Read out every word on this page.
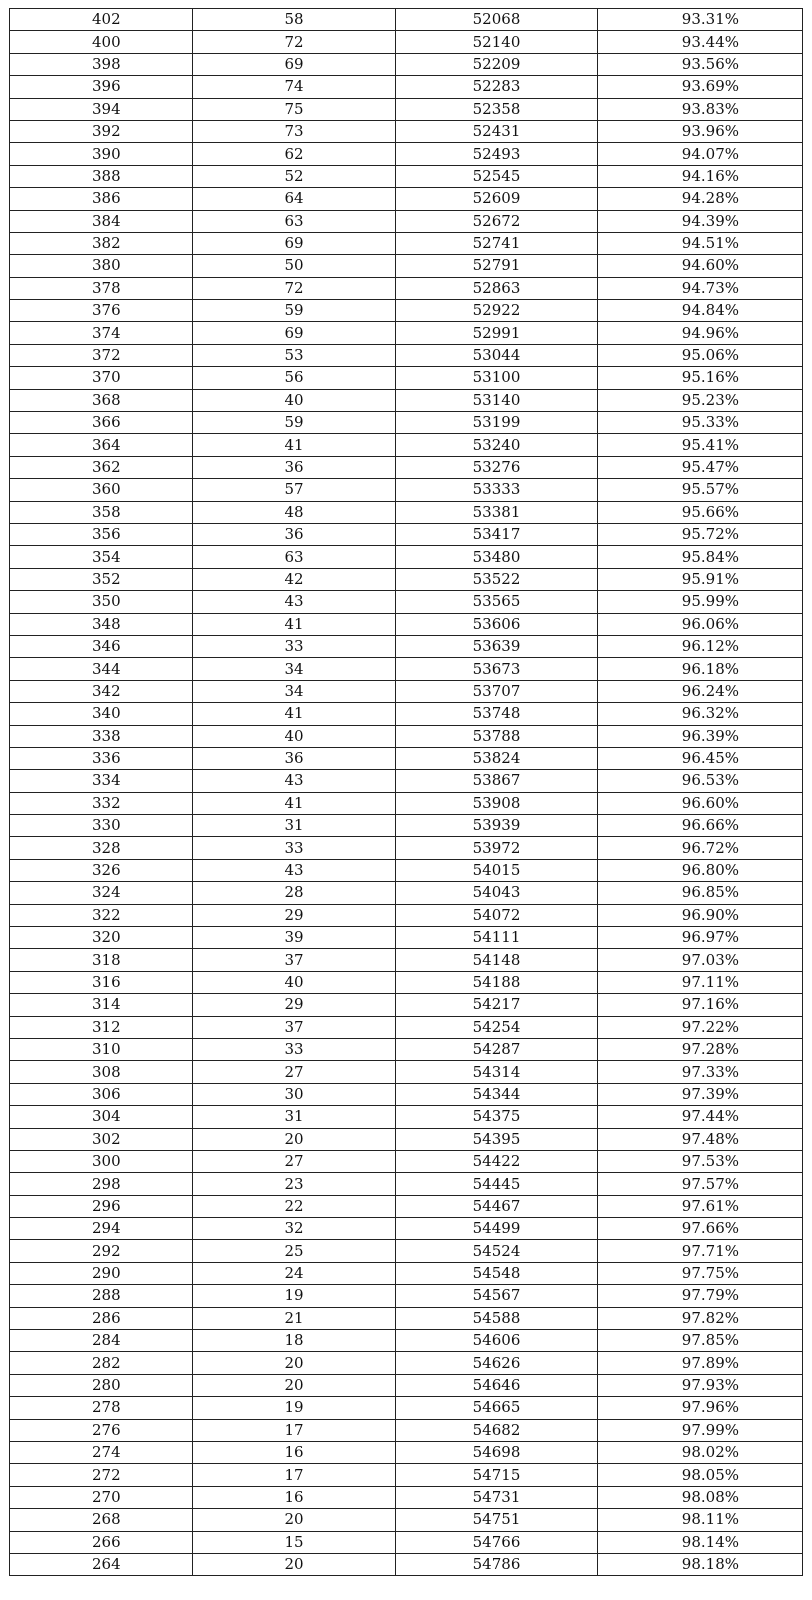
402	58	52068	93.31%
400	72	52140	93.44%
398	69	52209	93.56%
396	74	52283	93.69%
394	75	52358	93.83%
392	73	52431	93.96%
390	62	52493	94.07%
388	52	52545	94.16%
386	64	52609	94.28%
384	63	52672	94.39%
382	69	52741	94.51%
380	50	52791	94.60%
378	72	52863	94.73%
376	59	52922	94.84%
374	69	52991	94.96%
372	53	53044	95.06%
370	56	53100	95.16%
368	40	53140	95.23%
366	59	53199	95.33%
364	41	53240	95.41%
362	36	53276	95.47%
360	57	53333	95.57%
358	48	53381	95.66%
356	36	53417	95.72%
354	63	53480	95.84%
352	42	53522	95.91%
350	43	53565	95.99%
348	41	53606	96.06%
346	33	53639	96.12%
344	34	53673	96.18%
342	34	53707	96.24%
340	41	53748	96.32%
338	40	53788	96.39%
336	36	53824	96.45%
334	43	53867	96.53%
332	41	53908	96.60%
330	31	53939	96.66%
328	33	53972	96.72%
326	43	54015	96.80%
324	28	54043	96.85%
322	29	54072	96.90%
320	39	54111	96.97%
318	37	54148	97.03%
316	40	54188	97.11%
314	29	54217	97.16%
312	37	54254	97.22%
310	33	54287	97.28%
308	27	54314	97.33%
306	30	54344	97.39%
304	31	54375	97.44%
302	20	54395	97.48%
300	27	54422	97.53%
298	23	54445	97.57%
296	22	54467	97.61%
294	32	54499	97.66%
292	25	54524	97.71%
290	24	54548	97.75%
288	19	54567	97.79%
286	21	54588	97.82%
284	18	54606	97.85%
282	20	54626	97.89%
280	20	54646	97.93%
278	19	54665	97.96%
276	17	54682	97.99%
274	16	54698	98.02%
272	17	54715	98.05%
270	16	54731	98.08%
268	20	54751	98.11%
266	15	54766	98.14%
264	20	54786	98.18%
